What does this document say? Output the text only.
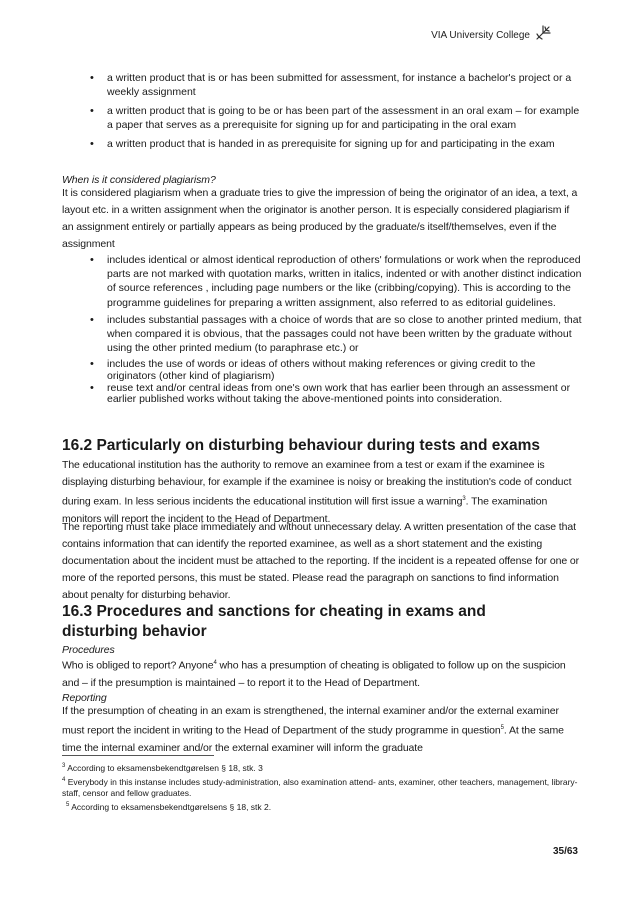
VIA University College
• a written product that is or has been submitted for assessment, for instance a bachelor's project or a weekly assignment
• a written product that is going to be or has been part of the assessment in an oral exam – for example a paper that serves as a prerequisite for signing up for and participating in the oral exam
• a written product that is handed in as prerequisite for signing up for and participating in the exam

When is it considered plagiarism?

It is considered plagiarism when a graduate tries to give the impression of being the originator of an idea, a text, a layout etc. in a written assignment when the originator is another person. It is especially considered plagiarism if an assignment entirely or partially appears as being produced by the graduate/s itself/themselves, even if the assignment

• includes identical or almost identical reproduction of others' formulations or work when the reproduced parts are not marked with quotation marks, written in italics, indented or with another distinct indication of source references , including page numbers or the like (cribbing/copying). This is according to the programme guidelines for preparing a written assignment, also referred to as editorial guidelines.
• includes substantial passages with a choice of words that are so close to another printed medium, that when compared it is obvious, that the passages could not have been written by the graduate without using the other printed medium (to paraphrase etc.) or
• includes the use of words or ideas of others without making references or giving credit to the originators (other kind of plagiarism)
• reuse text and/or central ideas from one's own work that has earlier been through an assessment or earlier published works without taking the above-mentioned points into consideration.
16.2 Particularly on disturbing behaviour during tests and exams

The educational institution has the authority to remove an examinee from a test or exam if the examinee is displaying disturbing behaviour, for example if the examinee is noisy or breaking the institution's code of conduct during exam. In less serious incidents the educational institution will first issue a warning$^3$. The examination monitors will report the incident to the Head of Department.

The reporting must take place immediately and without unnecessary delay. A written presentation of the case that contains information that can identify the reported examinee, as well as a short statement and the existing documentation about the incident must be attached to the reporting. If the incident is a repeated offense for one or more of the reported persons, this must be stated. Please read the paragraph on sanctions to find information about penalty for disturbing behavior.

16.3 Procedures and sanctions for cheating in exams and disturbing behavior

Procedures

Who is obliged to report? Anyone$^4$ who has a presumption of cheating is obligated to follow up on the suspicion and – if the presumption is maintained – to report it to the Head of Department.

Reporting

If the presumption of cheating in an exam is strengthened, the internal examiner and/or the external examiner must report the incident in writing to the Head of Department of the study programme in question$^5$. At the same time the internal examiner and/or the external examiner will inform the graduate

$^3$ According to eksamensbekendtgørelsen § 18, stk. 3

$^4$ Everybody in this instanse includes study-administration, also examination attend- ants, examiner, other teachers, management, library-staff, censor and fellow graduates.

$^5$ According to eksamensbekendtgørelsens § 18, stk 2.

35/63
